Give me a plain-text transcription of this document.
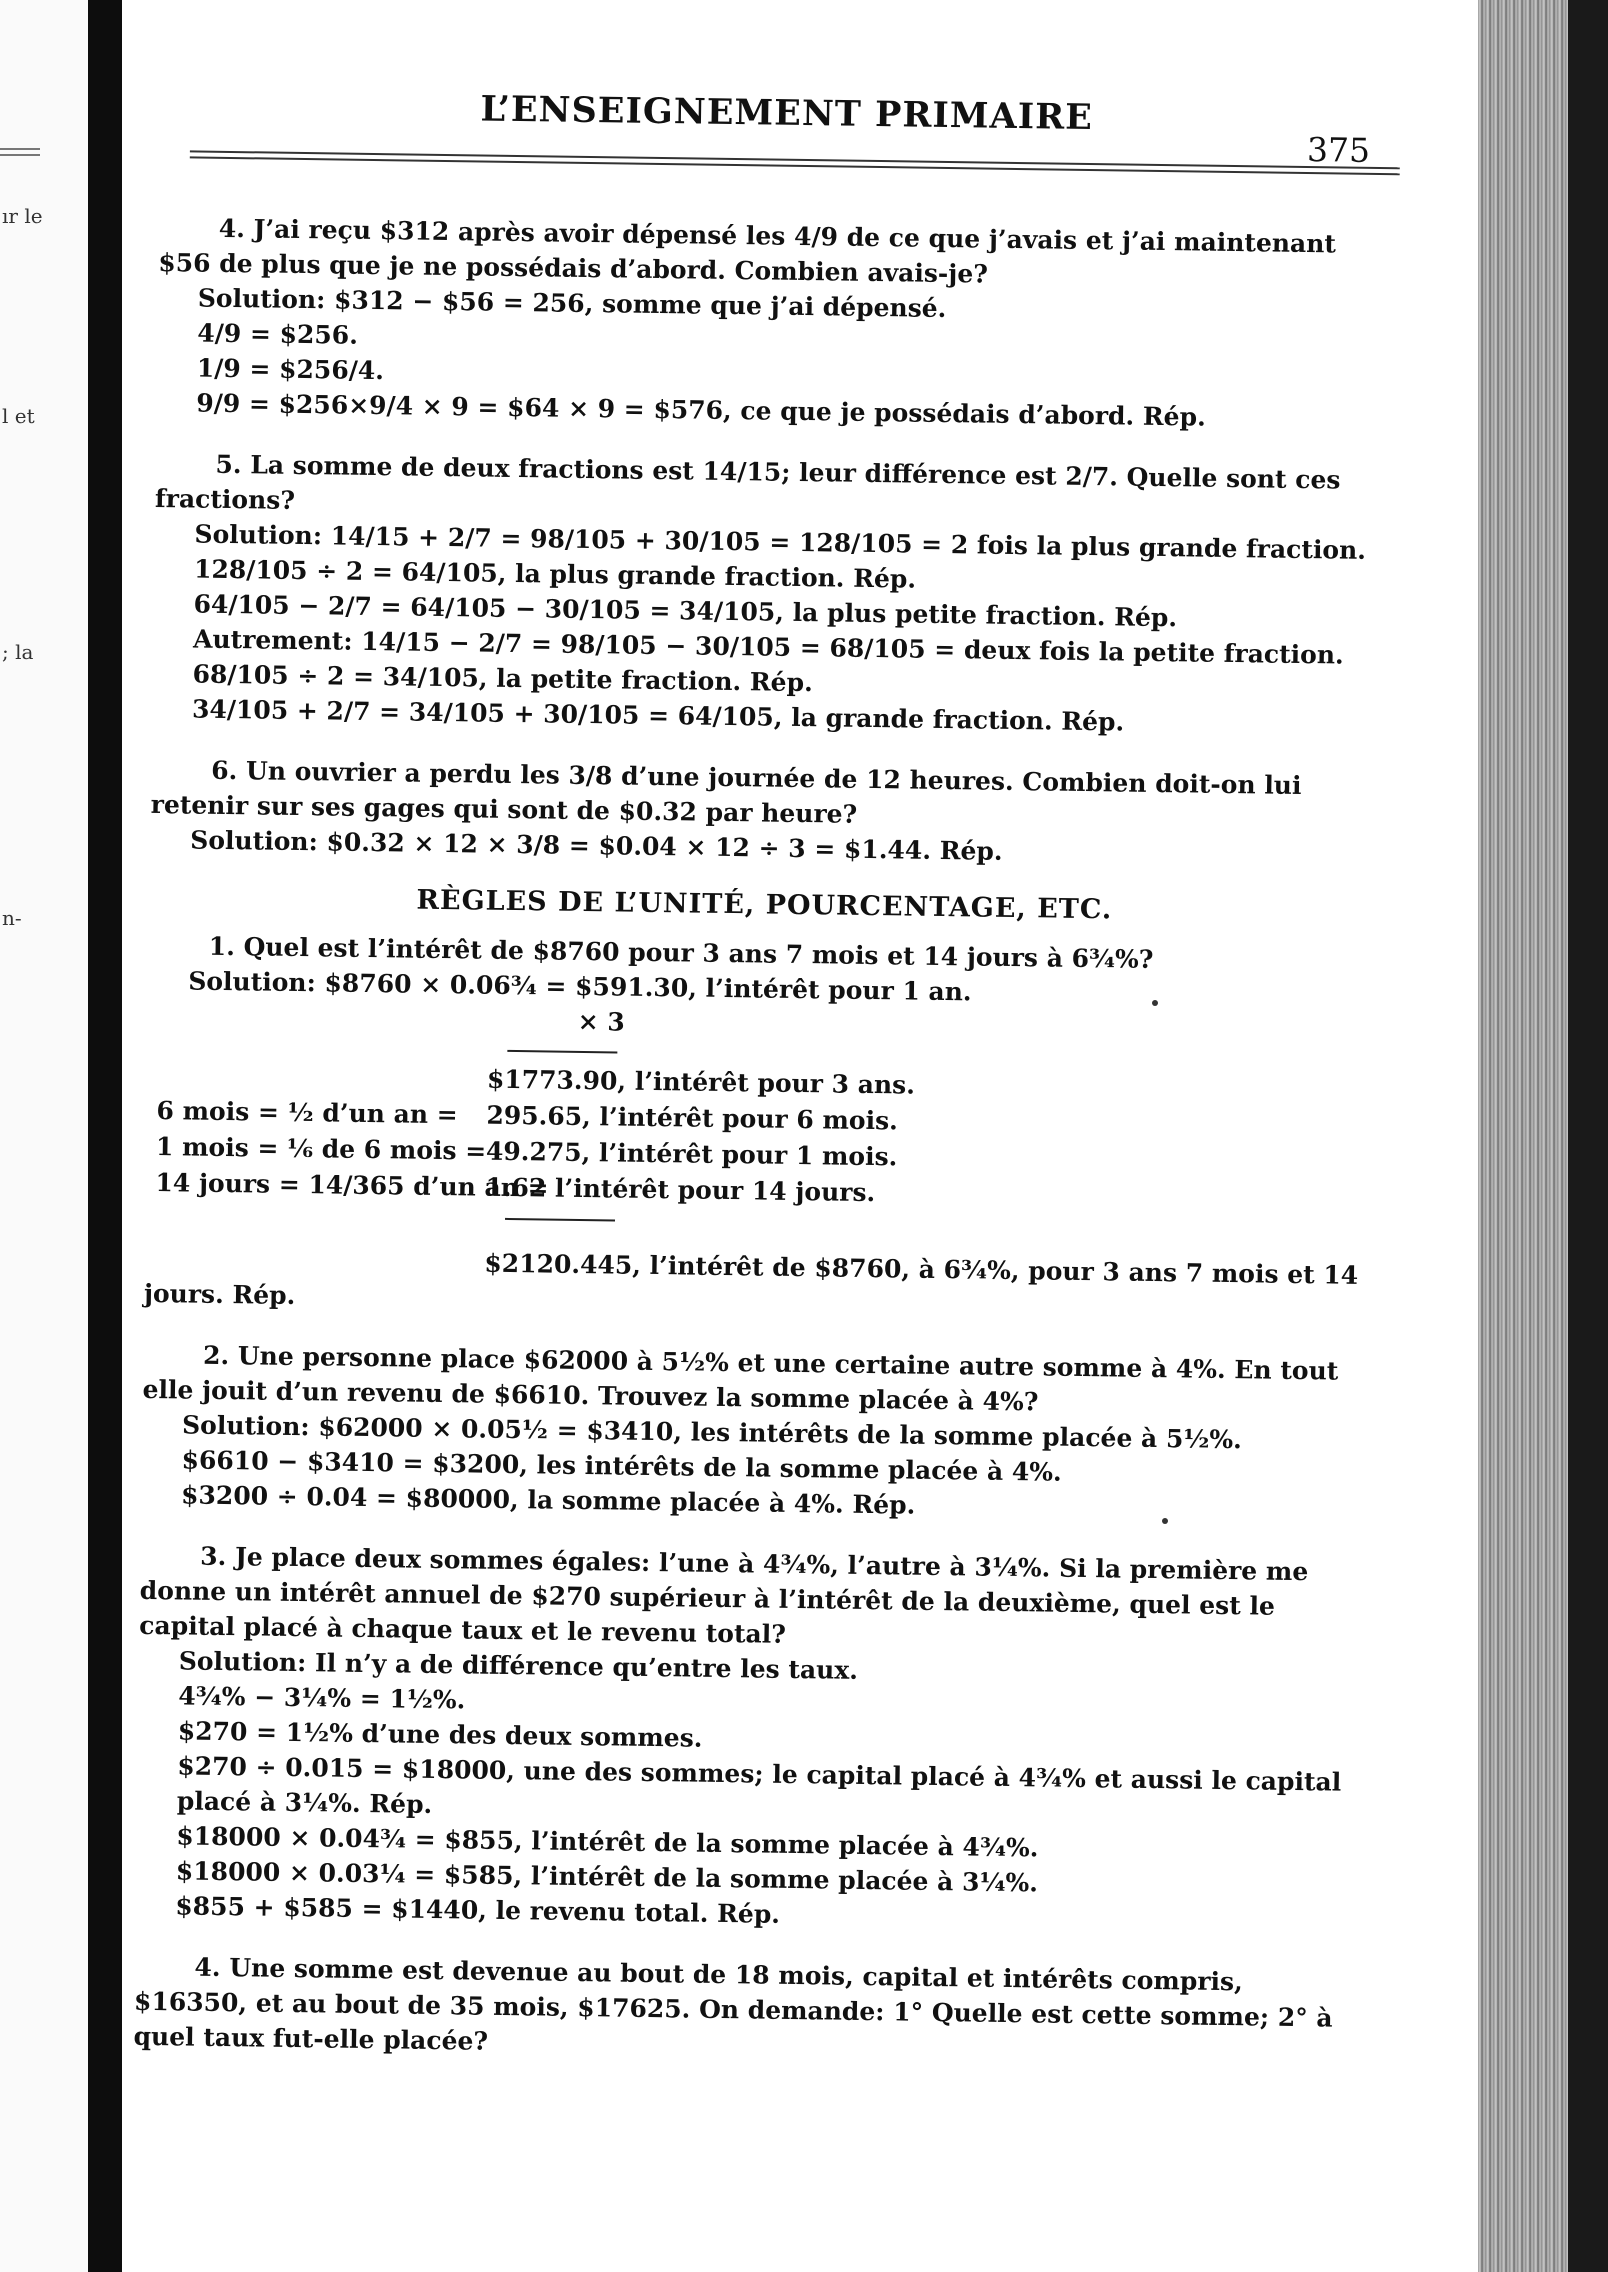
ır le
l et
; la
n-
L’ENSEIGNEMENT PRIMAIRE
375

4. J’ai reçu $312 après avoir dépensé les 4/9 de ce que j’avais et j’ai maintenant $56 de plus que je ne possédais d’abord. Combien avais-je?

Solution: $312 − $56 = 256, somme que j’ai dépensé.

4/9 = $256.

1/9 = $256/4.

9/9 = $256×9/4 × 9 = $64 × 9 = $576, ce que je possédais d’abord. Rép.

5. La somme de deux fractions est 14/15; leur différence est 2/7. Quelle sont ces fractions?

Solution: 14/15 + 2/7 = 98/105 + 30/105 = 128/105 = 2 fois la plus grande fraction.

128/105 ÷ 2 = 64/105, la plus grande fraction. Rép.

64/105 − 2/7 = 64/105 − 30/105 = 34/105, la plus petite fraction. Rép.

Autrement: 14/15 − 2/7 = 98/105 − 30/105 = 68/105 = deux fois la petite fraction.

68/105 ÷ 2 = 34/105, la petite fraction. Rép.

34/105 + 2/7 = 34/105 + 30/105 = 64/105, la grande fraction. Rép.

6. Un ouvrier a perdu les 3/8 d’une journée de 12 heures. Combien doit-on lui retenir sur ses gages qui sont de $0.32 par heure?

Solution: $0.32 × 12 × 3/8 = $0.04 × 12 ÷ 3 = $1.44. Rép.

RÈGLES DE L’UNITÉ, POURCENTAGE, ETC.

1. Quel est l’intérêt de $8760 pour 3 ans 7 mois et 14 jours à 6¾%?

Solution: $8760 × 0.06¾ = $591.30, l’intérêt pour 1 an.

× 3

$1773.90, l’intérêt pour 3 ans.
6 mois = ½ d’un an = 295.65, l’intérêt pour 6 mois.
1 mois = ⅙ de 6 mois = 49.275, l’intérêt pour 1 mois.
14 jours = 14/365 d’un an =
1.62 l’intérêt pour 14 jours.

$2120.445, l’intérêt de $8760, à 6¾%, pour 3 ans 7 mois et 14

jours. Rép.

2. Une personne place $62000 à 5½% et une certaine autre somme à 4%. En tout elle jouit d’un revenu de $6610. Trouvez la somme placée à 4%?

Solution: $62000 × 0.05½ = $3410, les intérêts de la somme placée à 5½%.

$6610 − $3410 = $3200, les intérêts de la somme placée à 4%.

$3200 ÷ 0.04 = $80000, la somme placée à 4%. Rép.

3. Je place deux sommes égales: l’une à 4¾%, l’autre à 3¼%. Si la première me donne un intérêt annuel de $270 supérieur à l’intérêt de la deuxième, quel est le capital placé à chaque taux et le revenu total?

Solution: Il n’y a de différence qu’entre les taux.

4¾% − 3¼% = 1½%.

$270 = 1½% d’une des deux sommes.

$270 ÷ 0.015 = $18000, une des sommes; le capital placé à 4¾% et aussi le capital placé à 3¼%. Rép.

$18000 × 0.04¾ = $855, l’intérêt de la somme placée à 4¾%.

$18000 × 0.03¼ = $585, l’intérêt de la somme placée à 3¼%.

$855 + $585 = $1440, le revenu total. Rép.

4. Une somme est devenue au bout de 18 mois, capital et intérêts compris, $16350, et au bout de 35 mois, $17625. On demande: 1° Quelle est cette somme; 2° à quel taux fut-elle placée?
